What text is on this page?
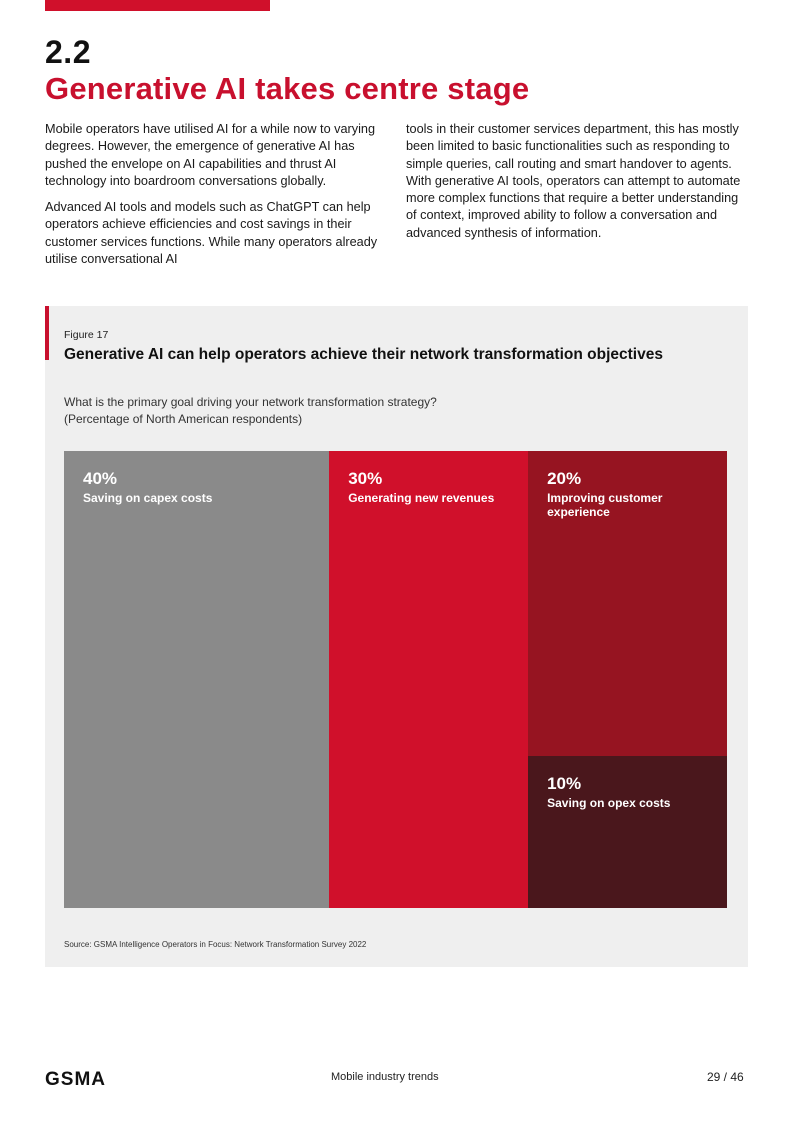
2.2
Generative AI takes centre stage

Mobile operators have utilised AI for a while now to varying degrees. However, the emergence of generative AI has pushed the envelope on AI capabilities and thrust AI technology into boardroom conversations globally.

Advanced AI tools and models such as ChatGPT can help operators achieve efficiencies and cost savings in their customer services functions. While many operators already utilise conversational AI

tools in their customer services department, this has mostly been limited to basic functionalities such as responding to simple queries, call routing and smart handover to agents. With generative AI tools, operators can attempt to automate more complex functions that require a better understanding of context, improved ability to follow a conversation and advanced synthesis of information.

Figure 17
Generative AI can help operators achieve their network transformation objectives
What is the primary goal driving your network transformation strategy?
(Percentage of North American respondents)
40%
Saving on capex costs
30%
Generating new revenues
20%
Improving customer experience
10%
Saving on opex costs
Source: GSMA Intelligence Operators in Focus: Network Transformation Survey 2022
GSMA	Mobile industry trends	29 / 46
